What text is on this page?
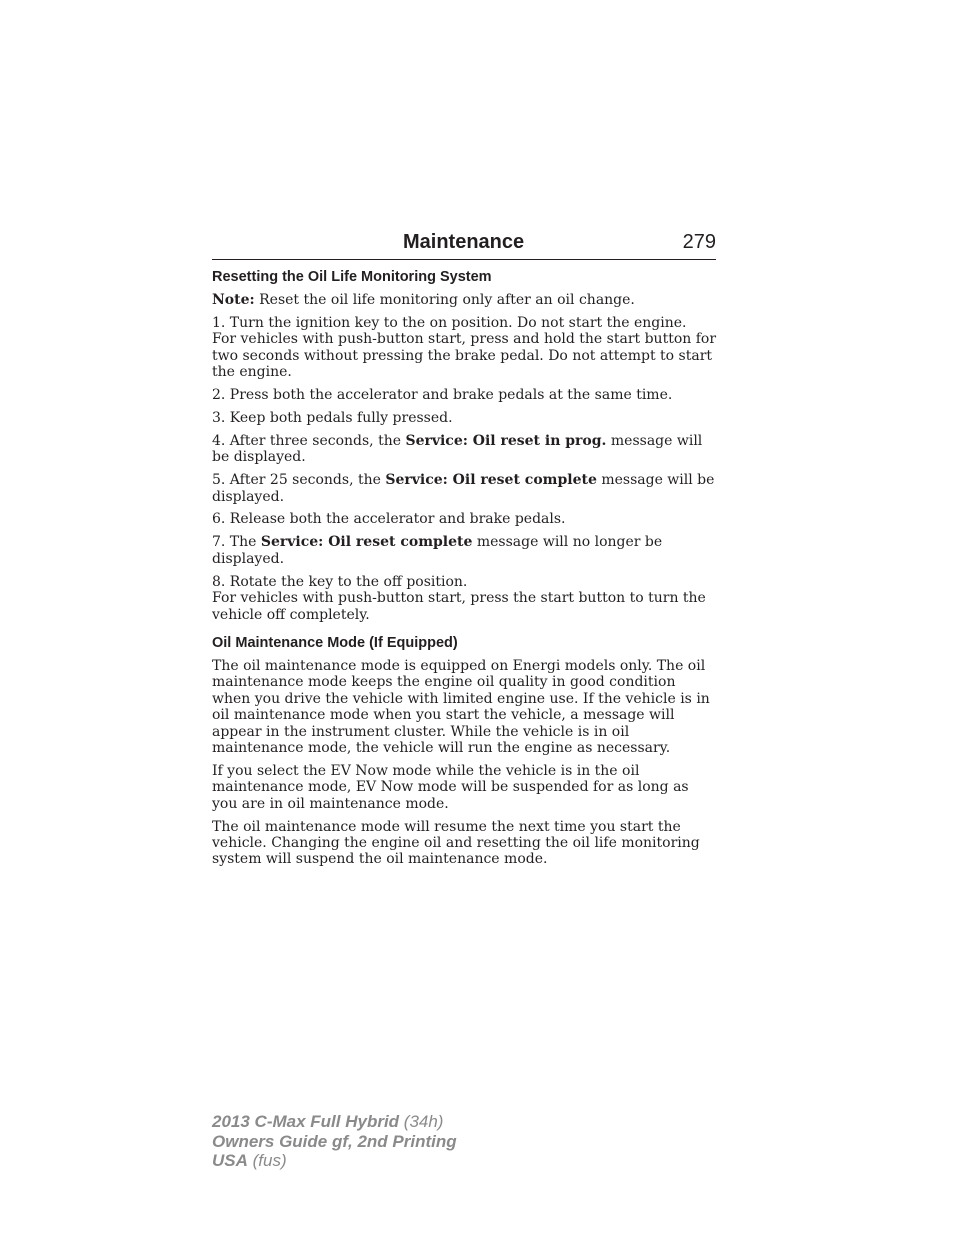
Maintenance	279
Resetting the Oil Life Monitoring System

Note: Reset the oil life monitoring only after an oil change.

1. Turn the ignition key to the on position. Do not start the engine.
For vehicles with push-button start, press and hold the start button for two seconds without pressing the brake pedal. Do not attempt to start the engine.

2. Press both the accelerator and brake pedals at the same time.

3. Keep both pedals fully pressed.

4. After three seconds, the Service: Oil reset in prog. message will be displayed.

5. After 25 seconds, the Service: Oil reset complete message will be displayed.

6. Release both the accelerator and brake pedals.

7. The Service: Oil reset complete message will no longer be displayed.

8. Rotate the key to the off position.
For vehicles with push-button start, press the start button to turn the vehicle off completely.

Oil Maintenance Mode (If Equipped)

The oil maintenance mode is equipped on Energi models only. The oil maintenance mode keeps the engine oil quality in good condition when you drive the vehicle with limited engine use. If the vehicle is in oil maintenance mode when you start the vehicle, a message will appear in the instrument cluster. While the vehicle is in oil maintenance mode, the vehicle will run the engine as necessary.

If you select the EV Now mode while the vehicle is in the oil maintenance mode, EV Now mode will be suspended for as long as you are in oil maintenance mode.

The oil maintenance mode will resume the next time you start the vehicle. Changing the engine oil and resetting the oil life monitoring system will suspend the oil maintenance mode.

2013 C-Max Full Hybrid (34h)
Owners Guide gf, 2nd Printing
USA (fus)
